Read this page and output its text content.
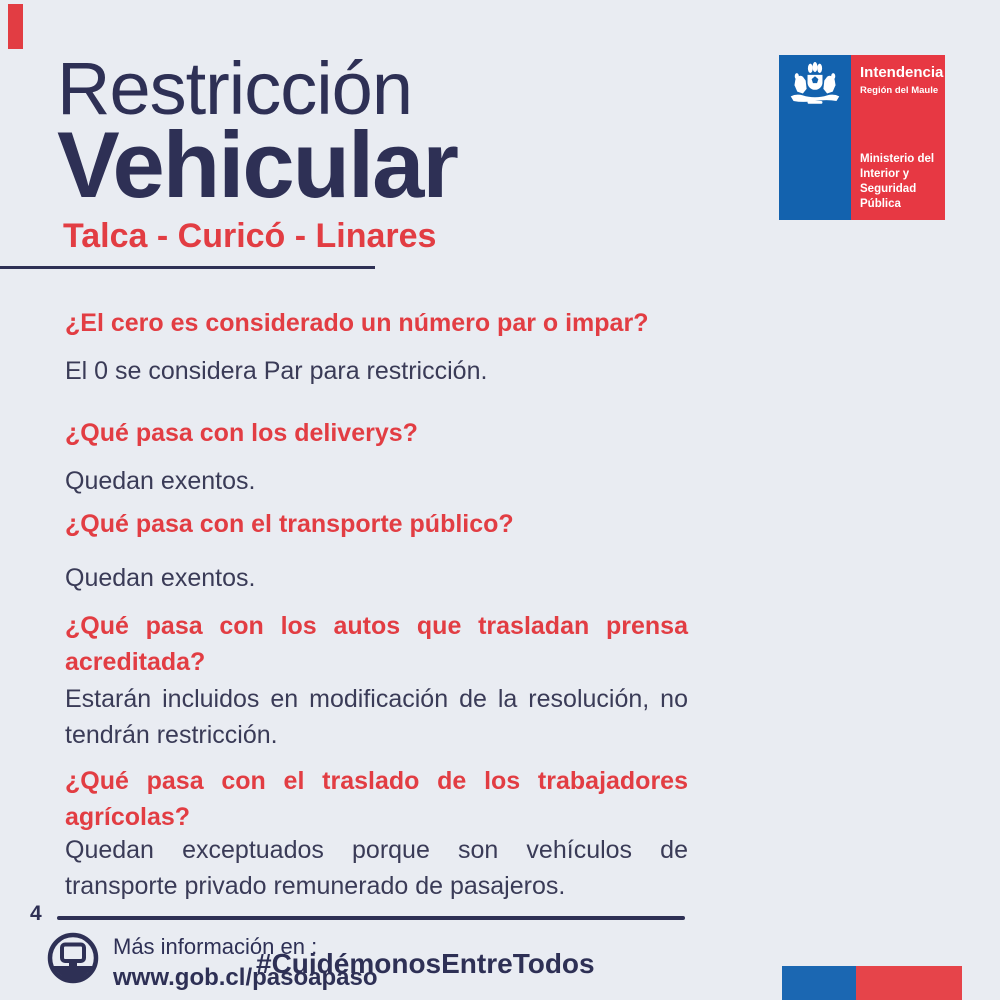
Restricción
Vehicular
Talca - Curicó - Linares
Intendencia
Región del Maule
Ministerio del
Interior y
Seguridad Pública
¿El cero es considerado un número par o impar?
El 0 se considera Par para restricción.
¿Qué pasa con los deliverys?
Quedan exentos.
¿Qué pasa con el transporte público?
Quedan exentos.
¿Qué pasa con los autos que trasladan prensa acreditada?
Estarán incluidos en modificación de la resolución, no tendrán restricción.
¿Qué pasa con el traslado de los trabajadores agrícolas?
Quedan exceptuados porque son vehículos de transporte privado remunerado de pasajeros.
4
Más información en :
www.gob.cl/pasoapaso
#CuidémonosEntreTodos
